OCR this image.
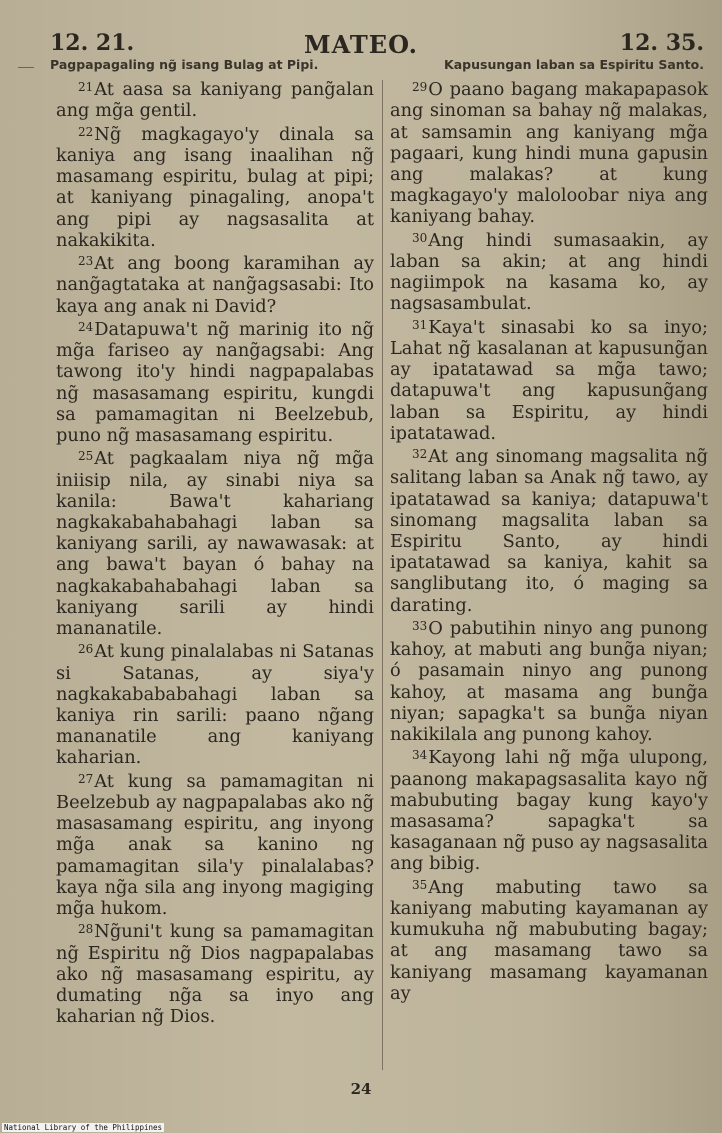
12. 21.	MATEO.	12. 35.
Pagpapagaling ng̃ isang Bulag at Pipi.	Kapusungan laban sa Espiritu Santo.

$^{21}$At aasa sa kaniyang pang̃alan ang mg̃a gentil.

$^{22}$Ng̃ magkagayo'y dinala sa kaniya ang isang inaalihan ng̃ masamang espiritu, bulag at pipi; at kaniyang pinagaling, anopa't ang pipi ay nagsasalita at nakakikita.

$^{23}$At ang boong karamihan ay nang̃agtataka at nang̃agsasabi: Ito kaya ang anak ni David?

$^{24}$Datapuwa't ng̃ marinig ito ng̃ mg̃a fariseo ay nang̃agsabi: Ang tawong ito'y hindi nagpapalabas ng̃ masasamang espiritu, kungdi sa pamamagitan ni Beelzebub, puno ng̃ masasamang espiritu.

$^{25}$At pagkaalam niya ng̃ mg̃a iniisip nila, ay sinabi niya sa kanila: Bawa't kahariang nagkakabahabahagi laban sa kaniyang sarili, ay nawawasak: at ang bawa't bayan ó bahay na nagkakabahabahagi laban sa kaniyang sarili ay hindi mananatile.

$^{26}$At kung pinalalabas ni Satanas si Satanas, ay siya'y nagkakabababahagi laban sa kaniya rin sarili: paano ng̃ang mananatile ang kaniyang kaharian.

$^{27}$At kung sa pamamagitan ni Beelzebub ay nagpapalabas ako ng̃ masasamang espiritu, ang inyong mg̃a anak sa kanino ng pamamagitan sila'y pinalalabas? kaya ng̃a sila ang inyong magiging mg̃a hukom.

$^{28}$Ng̃uni't kung sa pamamagitan ng̃ Espiritu ng̃ Dios nagpapalabas ako ng̃ masasamang espiritu, ay dumating ng̃a sa inyo ang kaharian ng̃ Dios.

$^{29}$O paano bagang makapapasok ang sinoman sa bahay ng̃ malakas, at samsamin ang kaniyang mg̃a pagaari, kung hindi muna gapusin ang malakas? at kung magkagayo'y maloloobar niya ang kaniyang bahay.

$^{30}$Ang hindi sumasaakin, ay laban sa akin; at ang hindi nagiimpok na kasama ko, ay nagsasambulat.

$^{31}$Kaya't sinasabi ko sa inyo; Lahat ng̃ kasalanan at kapusung̃an ay ipatatawad sa mg̃a tawo; datapuwa't ang kapusung̃ang laban sa Espiritu, ay hindi ipatatawad.

$^{32}$At ang sinomang magsalita ng̃ salitang laban sa Anak ng̃ tawo, ay ipatatawad sa kaniya; datapuwa't sinomang magsalita laban sa Espiritu Santo, ay hindi ipatatawad sa kaniya, kahit sa sanglibutang ito, ó maging sa darating.

$^{33}$O pabutihin ninyo ang punong kahoy, at mabuti ang bung̃a niyan; ó pasamain ninyo ang punong kahoy, at masama ang bung̃a niyan; sapagka't sa bung̃a niyan nakikilala ang punong kahoy.

$^{34}$Kayong lahi ng̃ mg̃a ulupong, paanong makapagsasalita kayo ng̃ mabubuting bagay kung kayo'y masasama? sapagka't sa kasaganaan ng̃ puso ay nagsasalita ang bibig.

$^{35}$Ang mabuting tawo sa kaniyang mabuting kayamanan ay kumukuha ng̃ mabubuting bagay; at ang masamang tawo sa kaniyang masamang kayamanan ay

24
National Library of the Philippines
